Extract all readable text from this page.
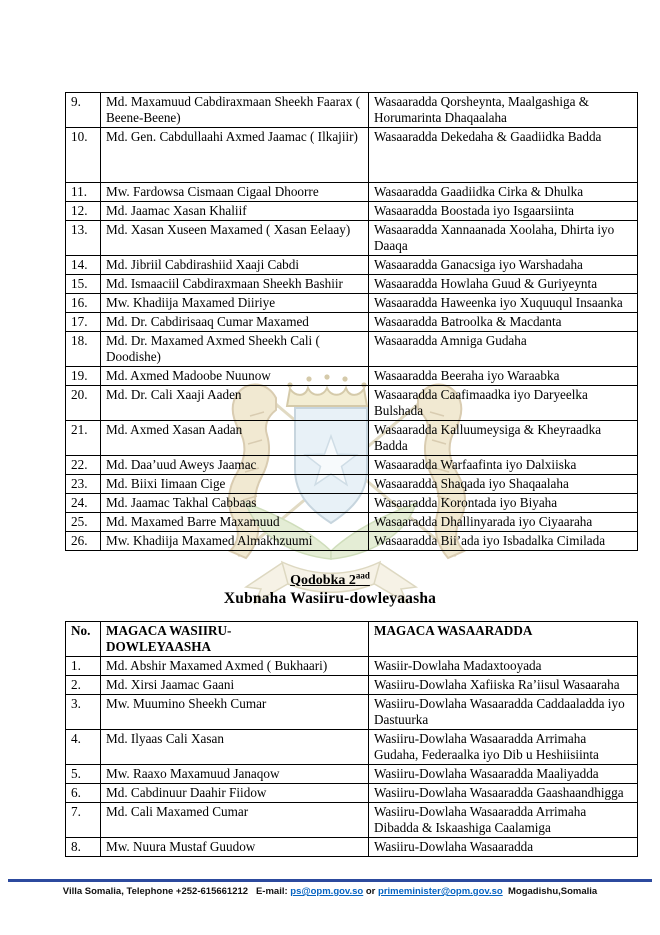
9.	Md. Maxamuud Cabdiraxmaan Sheekh Faarax ( Beene-Beene)	Wasaaradda Qorsheynta, Maalgashiga & Horumarinta Dhaqaalaha
10.	Md. Gen. Cabdullaahi Axmed Jaamac ( Ilkajiir)	Wasaaradda Dekedaha & Gaadiidka Badda
11.	Mw. Fardowsa Cismaan Cigaal Dhoorre	Wasaaradda Gaadiidka Cirka & Dhulka
12.	Md. Jaamac Xasan Khaliif	Wasaaradda Boostada iyo Isgaarsiinta
13.	Md. Xasan Xuseen Maxamed ( Xasan Eelaay)	Wasaaradda Xannaanada Xoolaha, Dhirta iyo Daaqa
14.	Md. Jibriil Cabdirashiid Xaaji Cabdi	Wasaaradda Ganacsiga iyo Warshadaha
15.	Md. Ismaaciil Cabdiraxmaan Sheekh Bashiir	Wasaaradda Howlaha Guud & Guriyeynta
16.	Mw. Khadiija Maxamed Diiriye	Wasaaradda Haweenka iyo Xuquuqul Insaanka
17.	Md. Dr. Cabdirisaaq Cumar Maxamed	Wasaaradda Batroolka & Macdanta
18.	Md. Dr. Maxamed Axmed Sheekh Cali ( Doodishe)	Wasaaradda Amniga Gudaha
19.	Md. Axmed Madoobe Nuunow	Wasaaradda Beeraha iyo Waraabka
20.	Md. Dr. Cali Xaaji Aaden	Wasaaradda Caafimaadka iyo Daryeelka Bulshada
21.	Md. Axmed Xasan Aadan	Wasaaradda Kalluumeysiga & Kheyraadka Badda
22.	Md. Daa’uud Aweys Jaamac	Wasaaradda Warfaafinta iyo Dalxiiska
23.	Md. Biixi Iimaan Cige	Wasaaradda Shaqada iyo Shaqaalaha
24.	Md. Jaamac Takhal Cabbaas	Wasaaradda Korontada iyo Biyaha
25.	Md. Maxamed Barre Maxamuud	Wasaaradda Dhallinyarada iyo Ciyaaraha
26.	Mw. Khadiija Maxamed Almakhzuumi	Wasaaradda Bii’ada iyo Isbadalka Cimilada
Qodobka $2^{aad}$
Xubnaha Wasiiru-dowleyaasha
No.	MAGACA WASIIRU-DOWLEYAASHA	MAGACA WASAARADDA
1.	Md. Abshir Maxamed Axmed ( Bukhaari)	Wasiir-Dowlaha Madaxtooyada
2.	Md. Xirsi Jaamac Gaani	Wasiiru-Dowlaha Xafiiska Ra’iisul Wasaaraha
3.	Mw. Muumino Sheekh Cumar	Wasiiru-Dowlaha Wasaaradda Caddaaladda iyo Dastuurka
4.	Md. Ilyaas Cali Xasan	Wasiiru-Dowlaha Wasaaradda Arrimaha Gudaha, Federaalka iyo Dib u Heshiisiinta
5.	Mw. Raaxo Maxamuud Janaqow	Wasiiru-Dowlaha Wasaaradda Maaliyadda
6.	Md. Cabdinuur Daahir Fiidow	Wasiiru-Dowlaha Wasaaradda Gaashaandhigga
7.	Md. Cali Maxamed Cumar	Wasiiru-Dowlaha Wasaaradda Arrimaha Dibadda & Iskaashiga Caalamiga
8.	Mw. Nuura Mustaf Guudow	Wasiiru-Dowlaha Wasaaradda
Villa Somalia, Telephone +252-615661212   E-mail: ps@opm.gov.so or primeminister@opm.gov.so  Mogadishu,Somalia
